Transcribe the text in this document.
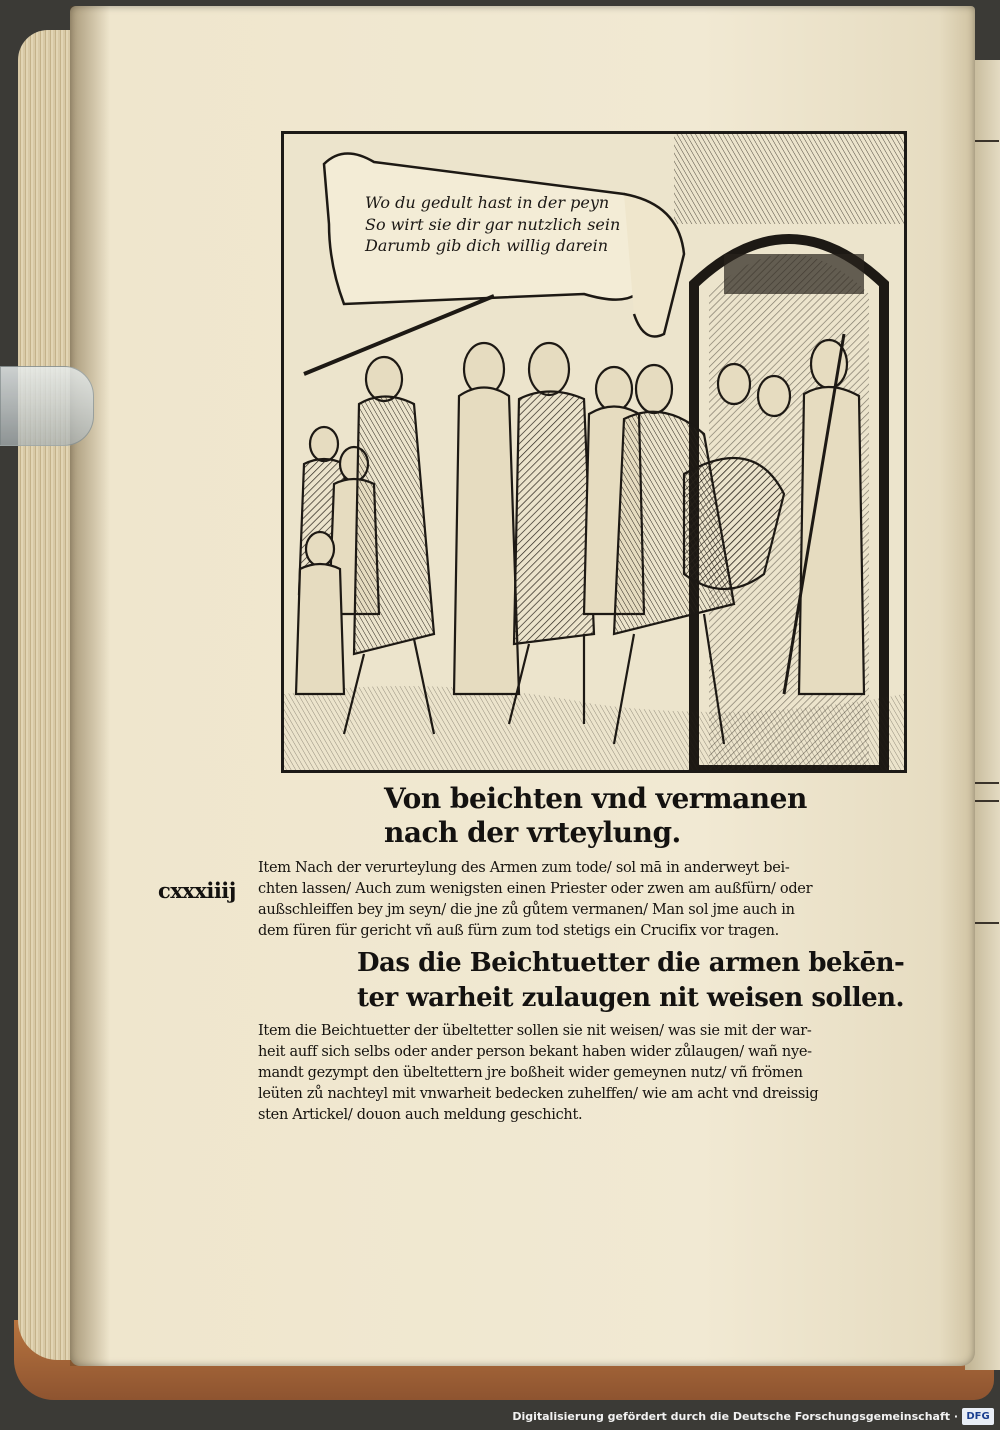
Wo du gedult hast in der peyn
So wirt sie dir gar nutzlich sein
Darumb gib dich willig darein
Von beichten vnd vermanen
nach der vrteylung.
cxxxiiij
Item Nach der verurteylung des Armen zum tode/ sol mā in anderweyt bei-
chten lassen/ Auch zum wenigsten einen Priester oder zwen am außfürn/ oder
außschleiffen bey jm seyn/ die jne zů gůtem vermanen/ Man sol jme auch in
dem füren für gericht vñ auß fürn zum tod stetigs ein Crucifix vor tragen.
Das die Beichtuetter die armen bekēn-
ter warheit zulaugen nit weisen sollen.
Item die Beichtuetter der übeltetter sollen sie nit weisen/ was sie mit der war-
heit auff sich selbs oder ander person bekant haben wider zůlaugen/ wañ nye-
mandt gezympt den übeltettern jre boßheit wider gemeynen nutz/ vñ frömen
leüten zů nachteyl mit vnwarheit bedecken zuhelffen/ wie am acht vnd dreissig
sten Artickel/ douon auch meldung geschicht.
Digitalisierung gefördert durch die Deutsche Forschungsgemeinschaft · DFG
